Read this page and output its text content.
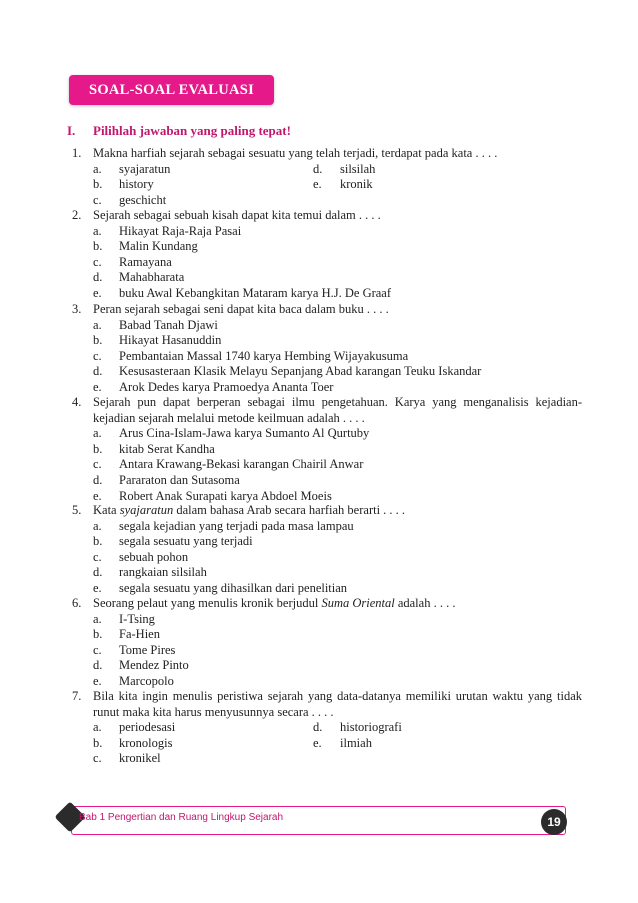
SOAL-SOAL EVALUASI
I. Pilihlah jawaban yang paling tepat!
1. Makna harfiah sejarah sebagai sesuatu yang telah terjadi, terdapat pada kata . . . .
a. syajaratun	d. silsilah
b. history	e. kronik
c. geschicht
2. Sejarah sebagai sebuah kisah dapat kita temui dalam . . . .
a. Hikayat Raja-Raja Pasai
b. Malin Kundang
c. Ramayana
d. Mahabharata
e. buku Awal Kebangkitan Mataram karya H.J. De Graaf
3. Peran sejarah sebagai seni dapat kita baca dalam buku . . . .
a. Babad Tanah Djawi
b. Hikayat Hasanuddin
c. Pembantaian Massal 1740 karya Hembing Wijayakusuma
d. Kesusasteraan Klasik Melayu Sepanjang Abad karangan Teuku Iskandar
e. Arok Dedes karya Pramoedya Ananta Toer
4. Sejarah pun dapat berperan sebagai ilmu pengetahuan. Karya yang menganalisis kejadian-kejadian sejarah melalui metode keilmuan adalah . . . .
a. Arus Cina-Islam-Jawa karya Sumanto Al Qurtuby
b. kitab Serat Kandha
c. Antara Krawang-Bekasi karangan Chairil Anwar
d. Pararaton dan Sutasoma
e. Robert Anak Surapati karya Abdoel Moeis
5. Kata syajaratun dalam bahasa Arab secara harfiah berarti . . . .
a. segala kejadian yang terjadi pada masa lampau
b. segala sesuatu yang terjadi
c. sebuah pohon
d. rangkaian silsilah
e. segala sesuatu yang dihasilkan dari penelitian
6. Seorang pelaut yang menulis kronik berjudul Suma Oriental adalah . . . .
a. I-Tsing
b. Fa-Hien
c. Tome Pires
d. Mendez Pinto
e. Marcopolo
7. Bila kita ingin menulis peristiwa sejarah yang data-datanya memiliki urutan waktu yang tidak runut maka kita harus menyusunnya secara . . . .
a. periodesasi	d. historiografi
b. kronologis	e. ilmiah
c. kronikel
Bab 1 Pengertian dan Ruang Lingkup Sejarah	19
